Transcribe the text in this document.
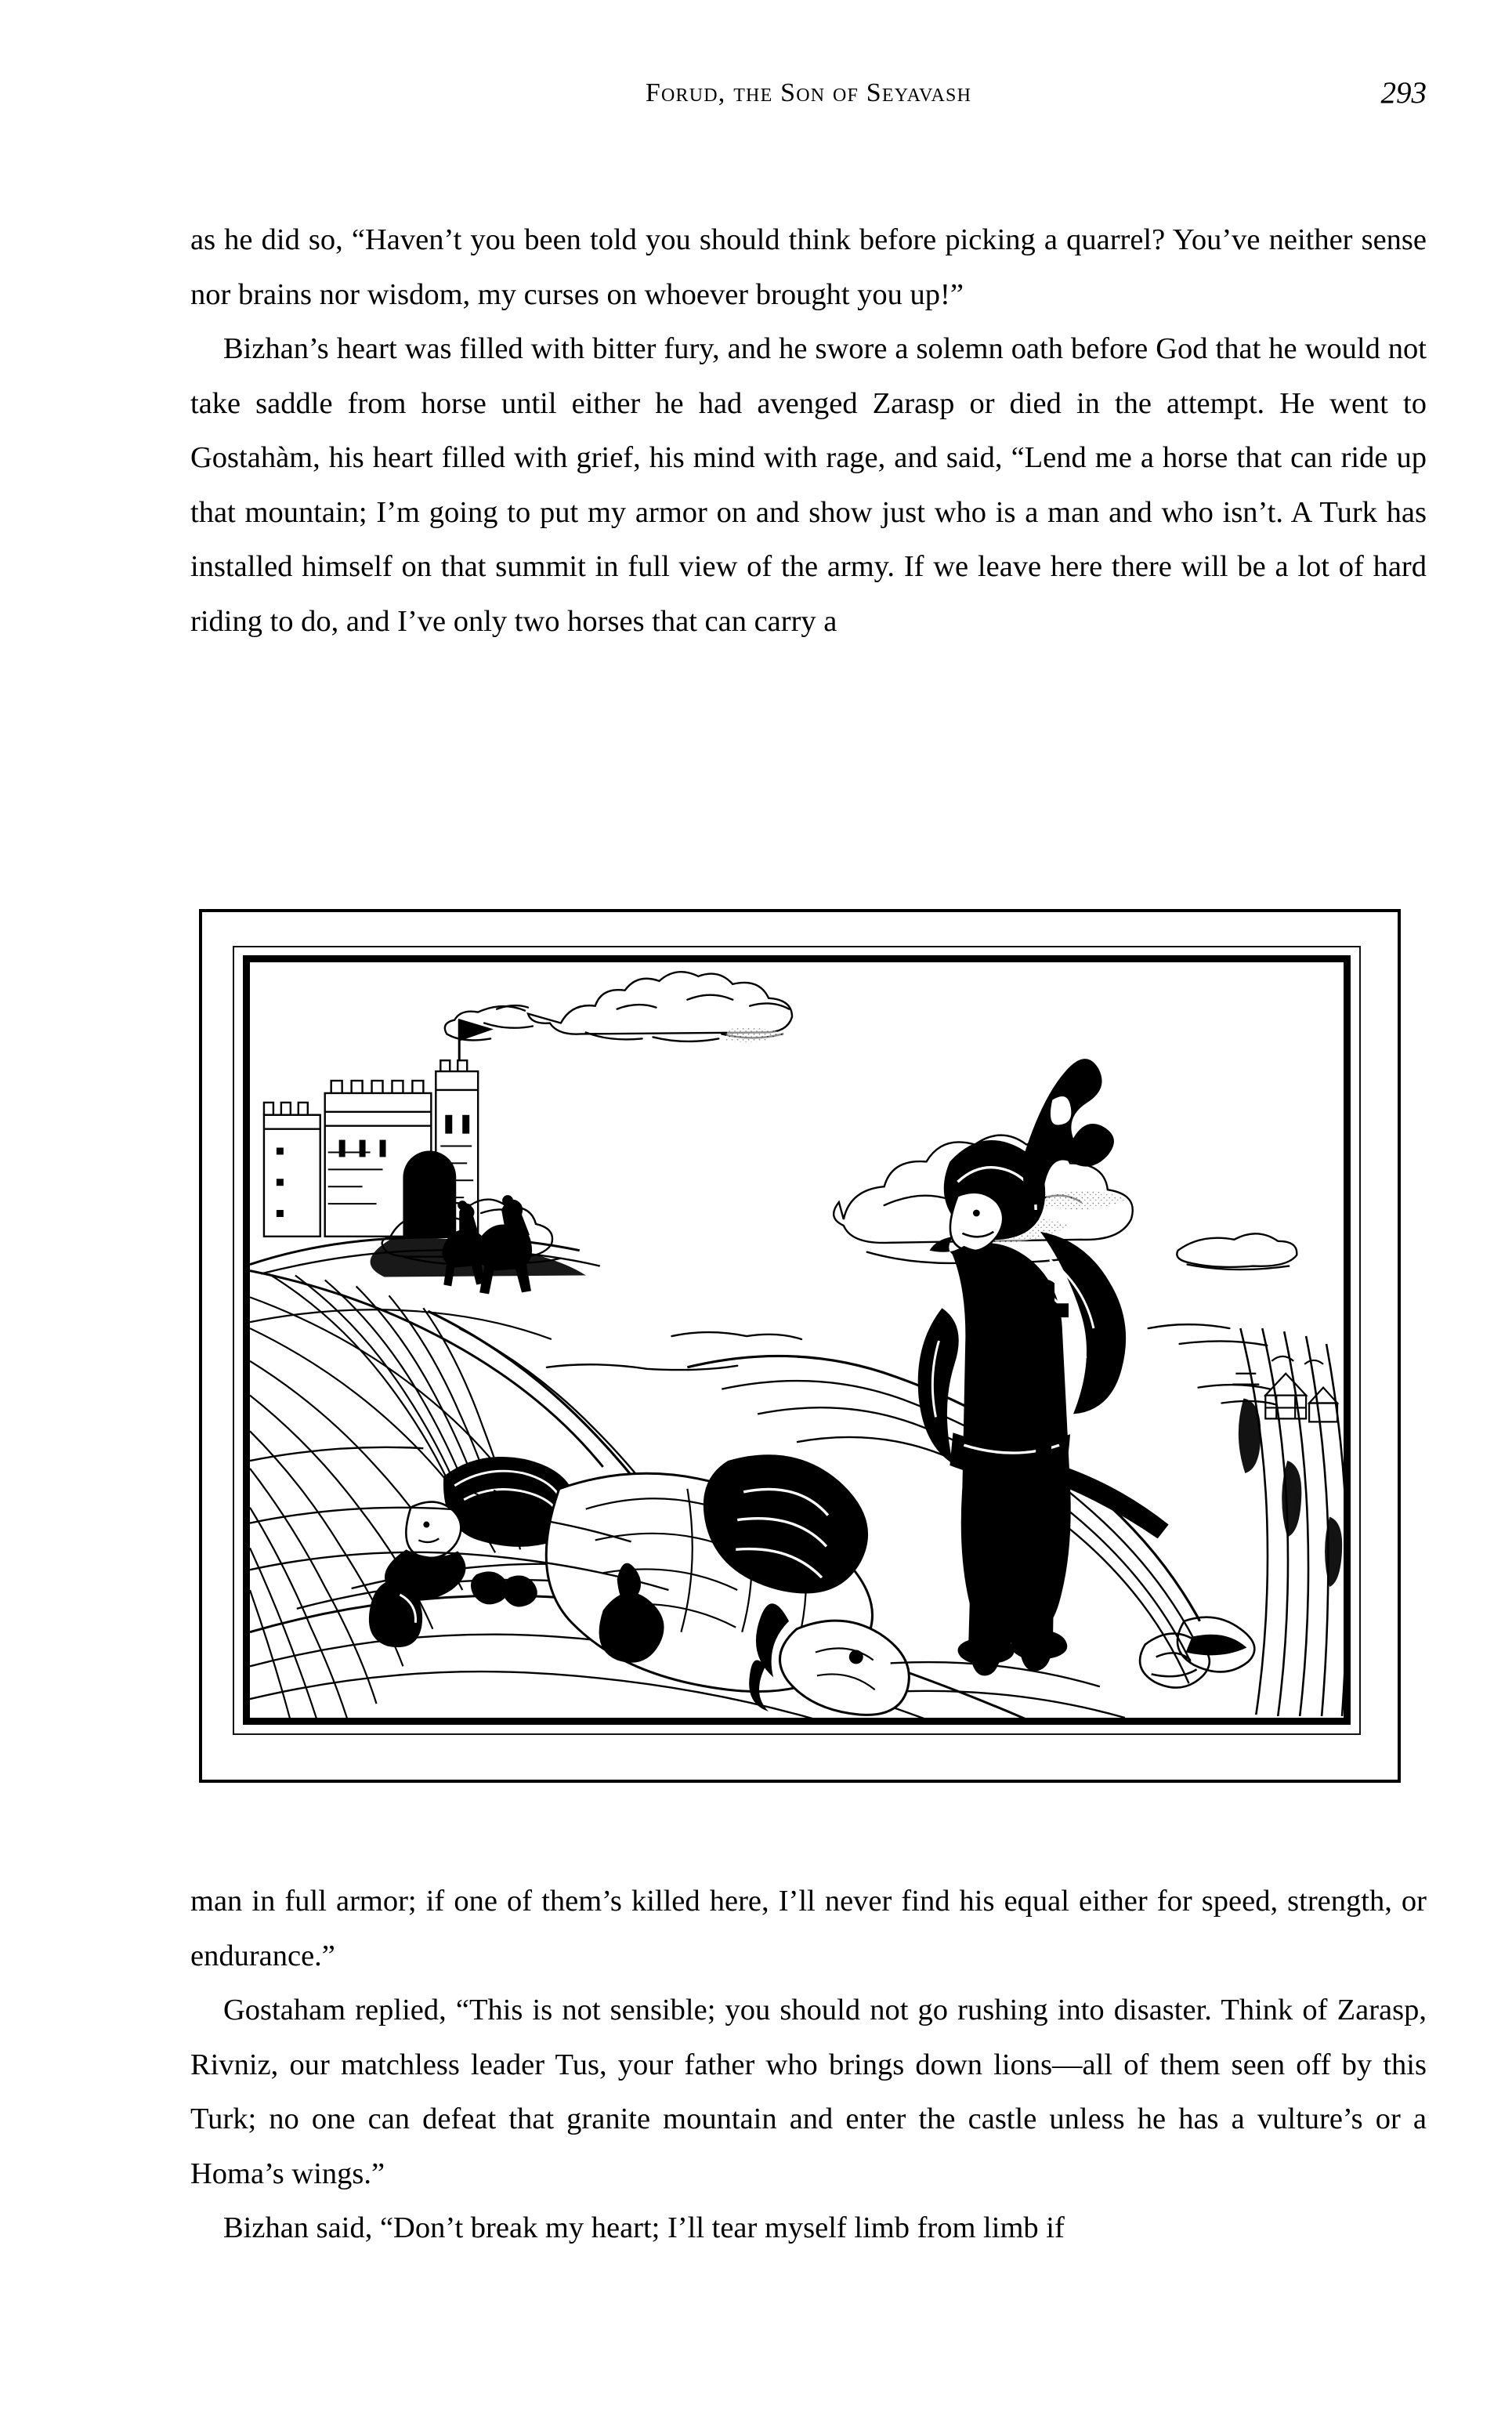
Forud, the Son of Seyavash	293

as he did so, “Haven’t you been told you should think before picking a quarrel? You’ve neither sense nor brains nor wisdom, my curses on whoever brought you up!”

Bizhan’s heart was filled with bitter fury, and he swore a solemn oath before God that he would not take saddle from horse until either he had avenged Zarasp or died in the attempt. He went to Gostahàm, his heart filled with grief, his mind with rage, and said, “Lend me a horse that can ride up that mountain; I’m going to put my armor on and show just who is a man and who isn’t. A Turk has installed himself on that summit in full view of the army. If we leave here there will be a lot of hard riding to do, and I’ve only two horses that can carry a

man in full armor; if one of them’s killed here, I’ll never find his equal either for speed, strength, or endurance.”

Gostaham replied, “This is not sensible; you should not go rushing into disaster. Think of Zarasp, Rivniz, our matchless leader Tus, your father who brings down lions—all of them seen off by this Turk; no one can defeat that granite mountain and enter the castle unless he has a vulture’s or a Homa’s wings.”

Bizhan said, “Don’t break my heart; I’ll tear myself limb from limb if
